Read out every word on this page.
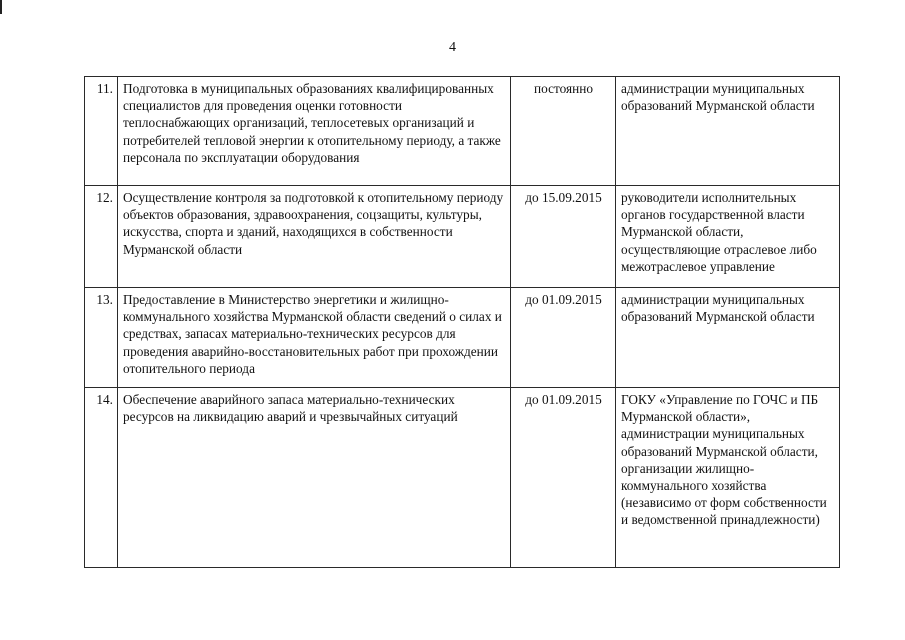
4
11.	Подготовка в муниципальных образованиях квалифицированных специалистов для проведения оценки готовности теплоснабжающих организаций, теплосетевых организаций и потребителей тепловой энергии к отопительному периоду, а также персонала по эксплуатации оборудования	постоянно	администрации муниципальных образований Мурманской области
12.	Осуществление контроля за подготовкой к отопительному периоду объектов образования, здравоохранения, соцзащиты, культуры, искусства, спорта и зданий, находящихся в собственности Мурманской области	до 15.09.2015	руководители исполнительных органов государственной власти Мурманской области, осуществляющие отраслевое либо межотраслевое управление
13.	Предоставление в Министерство энергетики и жилищно-коммунального хозяйства Мурманской области сведений о силах и средствах, запасах материально-технических ресурсов для проведения аварийно-восстановительных работ при прохождении отопительного периода	до 01.09.2015	администрации муниципальных образований Мурманской области
14.	Обеспечение аварийного запаса материально-технических ресурсов на ликвидацию аварий и чрезвычайных ситуаций	до 01.09.2015	ГОКУ «Управление по ГОЧС и ПБ Мурманской области», администрации муниципальных образований Мурманской области, организации жилищно-коммунального хозяйства (независимо от форм собственности и ведомственной принадлежности)
